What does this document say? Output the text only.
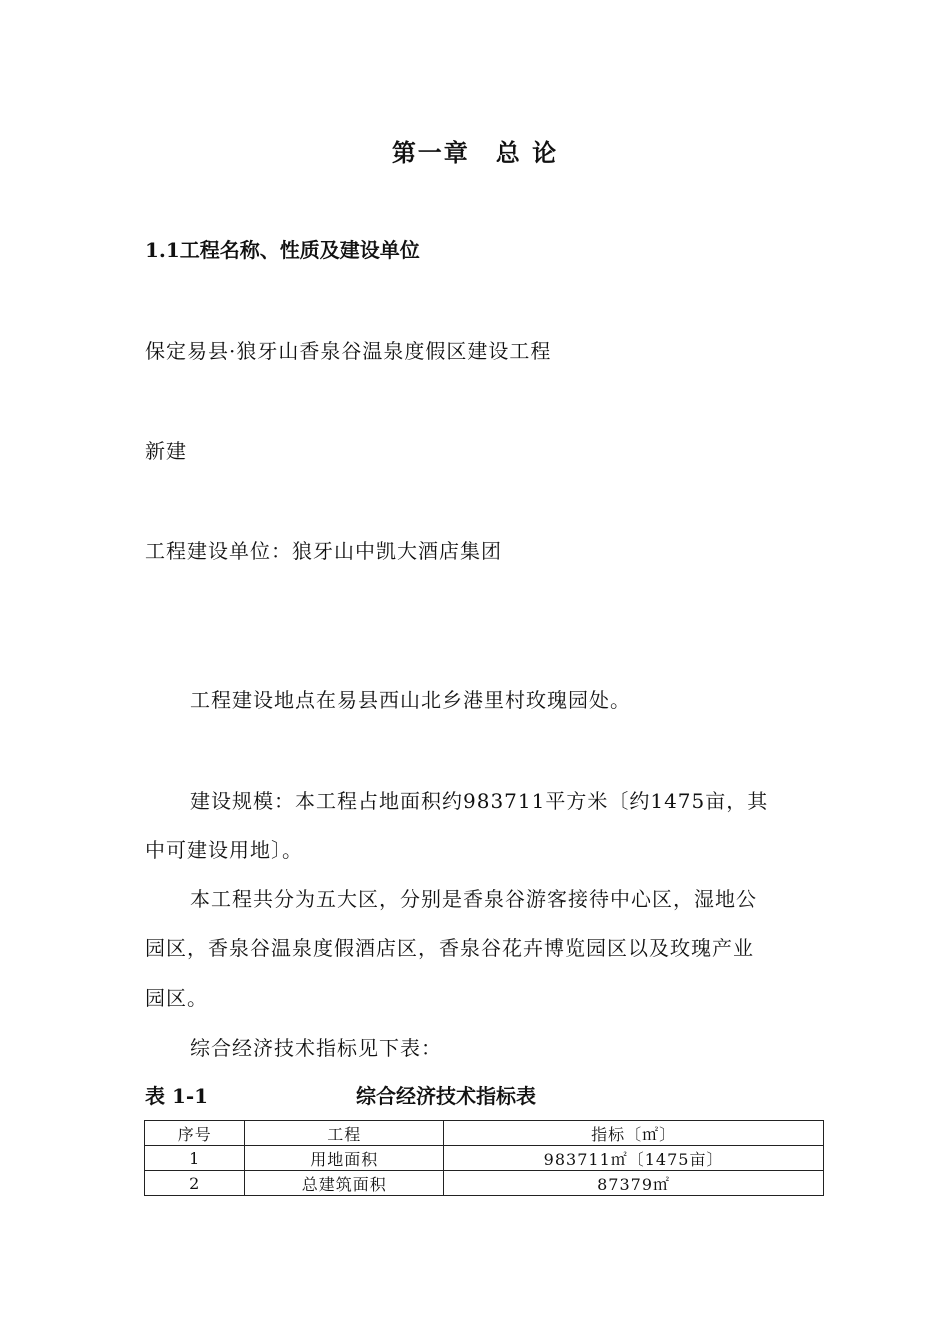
第一章　总 论
1.1工程名称、性质及建设单位
保定易县·狼牙山香泉谷温泉度假区建设工程
新建
工程建设单位：狼牙山中凯大酒店集团
工程建设地点在易县西山北乡港里村玫瑰园处。
建设规模：本工程占地面积约983711平方米〔约1475亩，其
中可建设用地〕。
本工程共分为五大区，分别是香泉谷游客接待中心区，湿地公
园区，香泉谷温泉度假酒店区，香泉谷花卉博览园区以及玫瑰产业
园区。
综合经济技术指标见下表：
表 1-1	综合经济技术指标表
序号	工程	指标〔㎡〕
1	用地面积	983711㎡〔1475亩〕
2	总建筑面积	87379㎡
